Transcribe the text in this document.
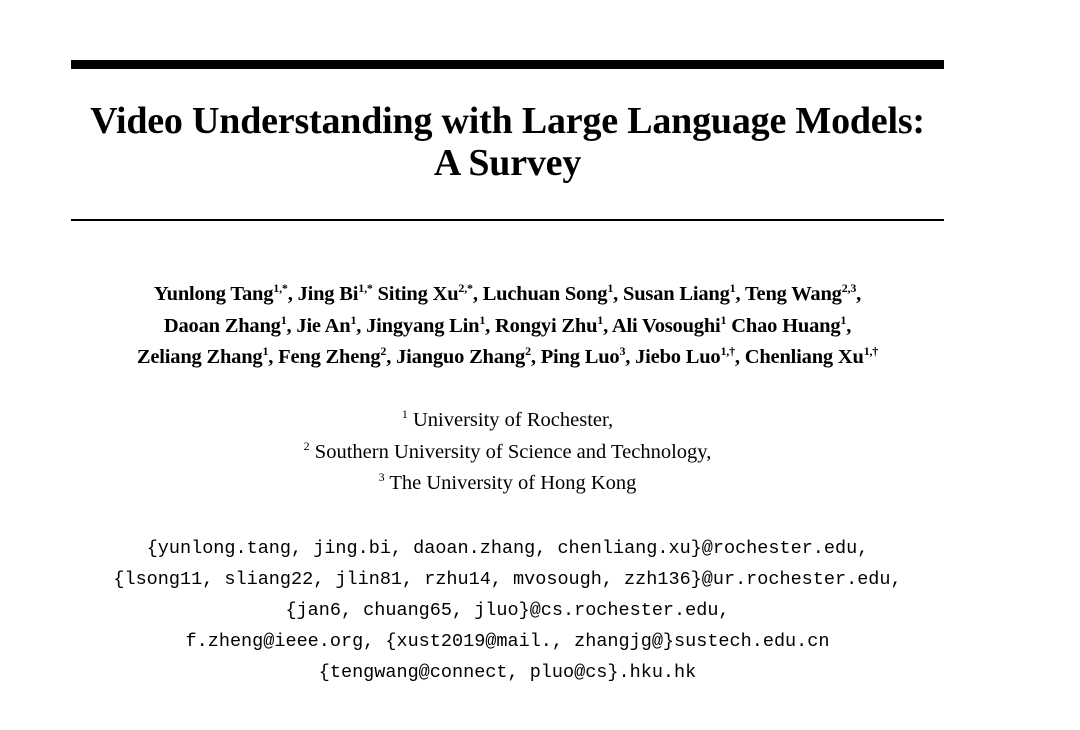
Video Understanding with Large Language Models:
A Survey
Yunlong Tang$^{1,*}$, Jing $Bi^{1,*}$ Siting $Xu^{2,*}$, Luchuan Song$^1$, Susan Liang$^1$, Teng Wang$^{2,3}$,
Daoan Zhang$^1$, Jie An$^1$, Jingyang Lin$^1$, Rongyi Zhu$^1$, Ali Vosoughi$^1$ Chao Huang$^1$,
Zeliang Zhang$^1$, Feng Zheng$^2$, Jianguo Zhang$^2$, Ping Luo$^3$, Jiebo Luo$^{1,\dagger}$, Chenliang $Xu^{1,\dagger}$
$^1$ University of Rochester,
$^2$ Southern University of Science and Technology,
$^3$ The University of Hong Kong
{yunlong.tang, jing.bi, daoan.zhang, chenliang.xu}@rochester.edu,
{lsong11, sliang22, jlin81, rzhu14, mvosough, zzh136}@ur.rochester.edu,
{jan6, chuang65, jluo}@cs.rochester.edu,
f.zheng@ieee.org, {xust2019@mail., zhangjg@}sustech.edu.cn
{tengwang@connect, pluo@cs}.hku.hk
